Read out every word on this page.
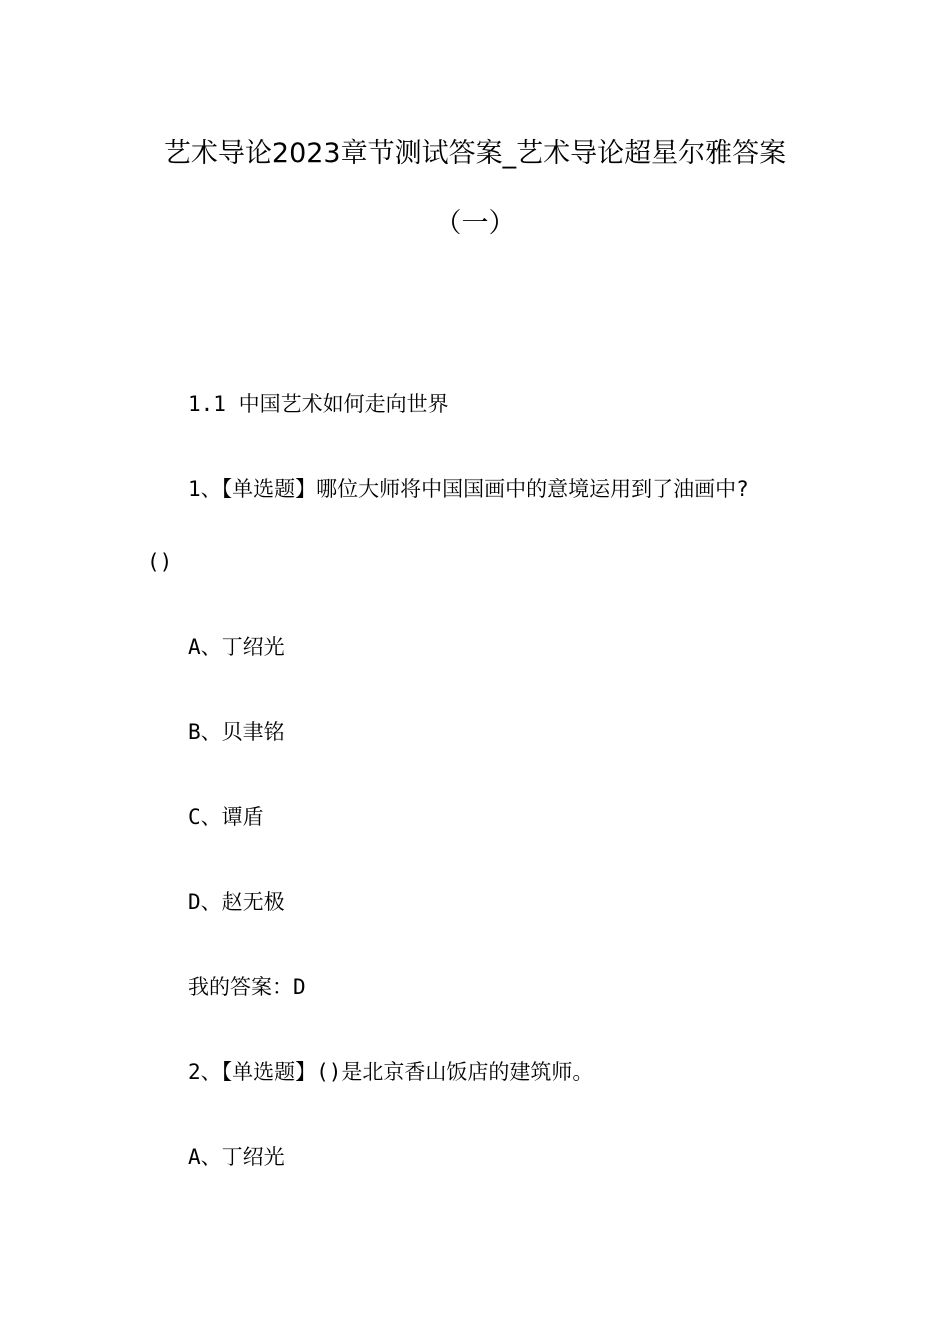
艺术导论2023章节测试答案_艺术导论超星尔雅答案
（一）
1.1 中国艺术如何走向世界
1、【单选题】哪位大师将中国国画中的意境运用到了油画中?
()
A、丁绍光
B、贝聿铭
C、谭盾
D、赵无极
我的答案：D
2、【单选题】()是北京香山饭店的建筑师。
A、丁绍光
